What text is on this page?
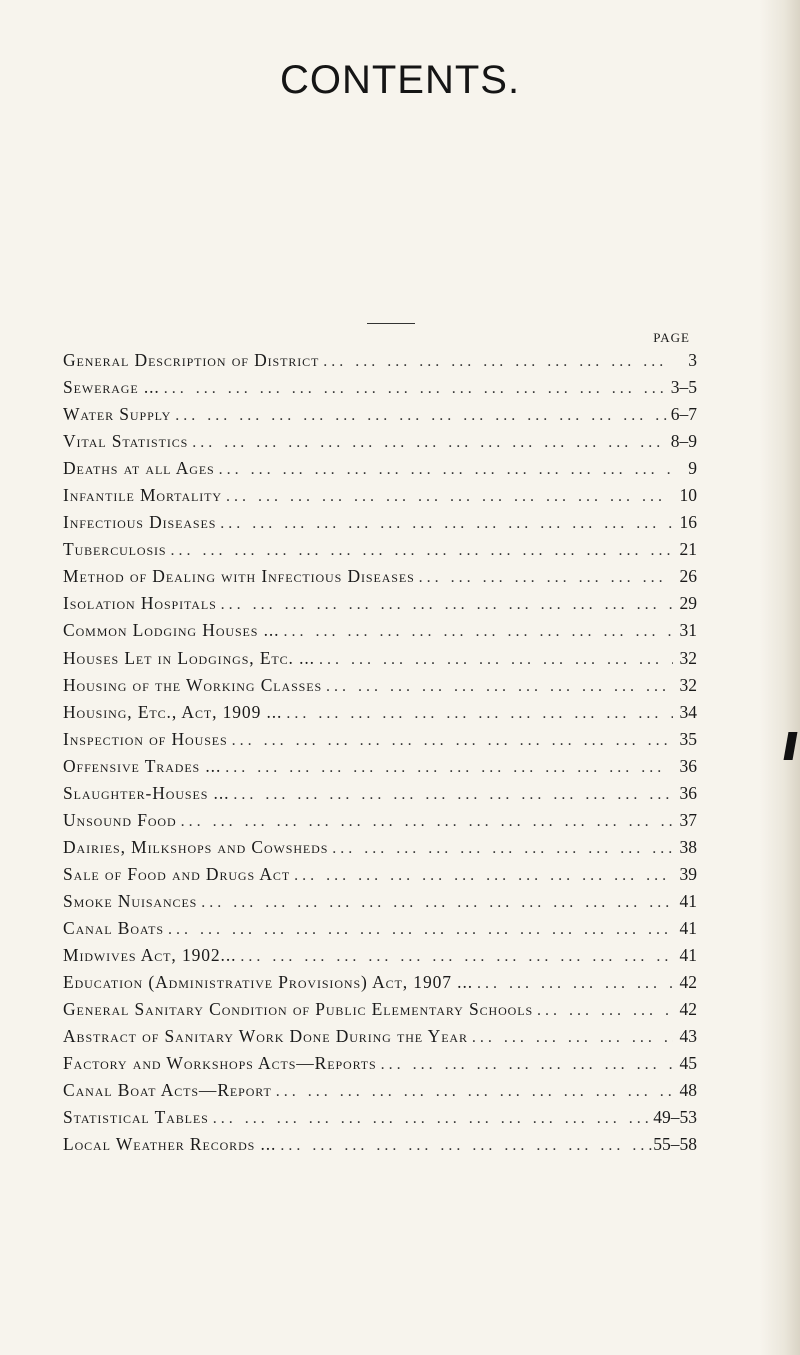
CONTENTS.
PAGE
General Description of District ... .	3
Sewerage ... ... .	3–5
Water Supply ... .	6–7
Vital Statistics ... .	8–9
Deaths at all Ages ... .	9
Infantile Mortality ... .	10
Infectious Diseases ... .	16
Tuberculosis ... .	21
Method of Dealing with Infectious Diseases ... .	26
Isolation Hospitals ... .	29
Common Lodging Houses ... ... .	31
Houses Let in Lodgings, Etc. ... ... .	32
Housing of the Working Classes ... .	32
Housing, Etc., Act, 1909 ... ... .	34
Inspection of Houses ... .	35
Offensive Trades ... ... .	36
Slaughter-Houses ... ... .	36
Unsound Food ... .	37
Dairies, Milkshops and Cowsheds ... .	38
Sale of Food and Drugs Act ... .	39
Smoke Nuisances ... .	41
Canal Boats ... .	41
Midwives Act, 1902... ... .	41
Education (Administrative Provisions) Act, 1907 ... ... .	42
General Sanitary Condition of Public Elementary Schools ... .	42
Abstract of Sanitary Work Done During the Year ... .	43
Factory and Workshops Acts—Reports ... .	45
Canal Boat Acts—Report ... .	48
Statistical Tables ... .	49–53
Local Weather Records ... ... .	55–58
